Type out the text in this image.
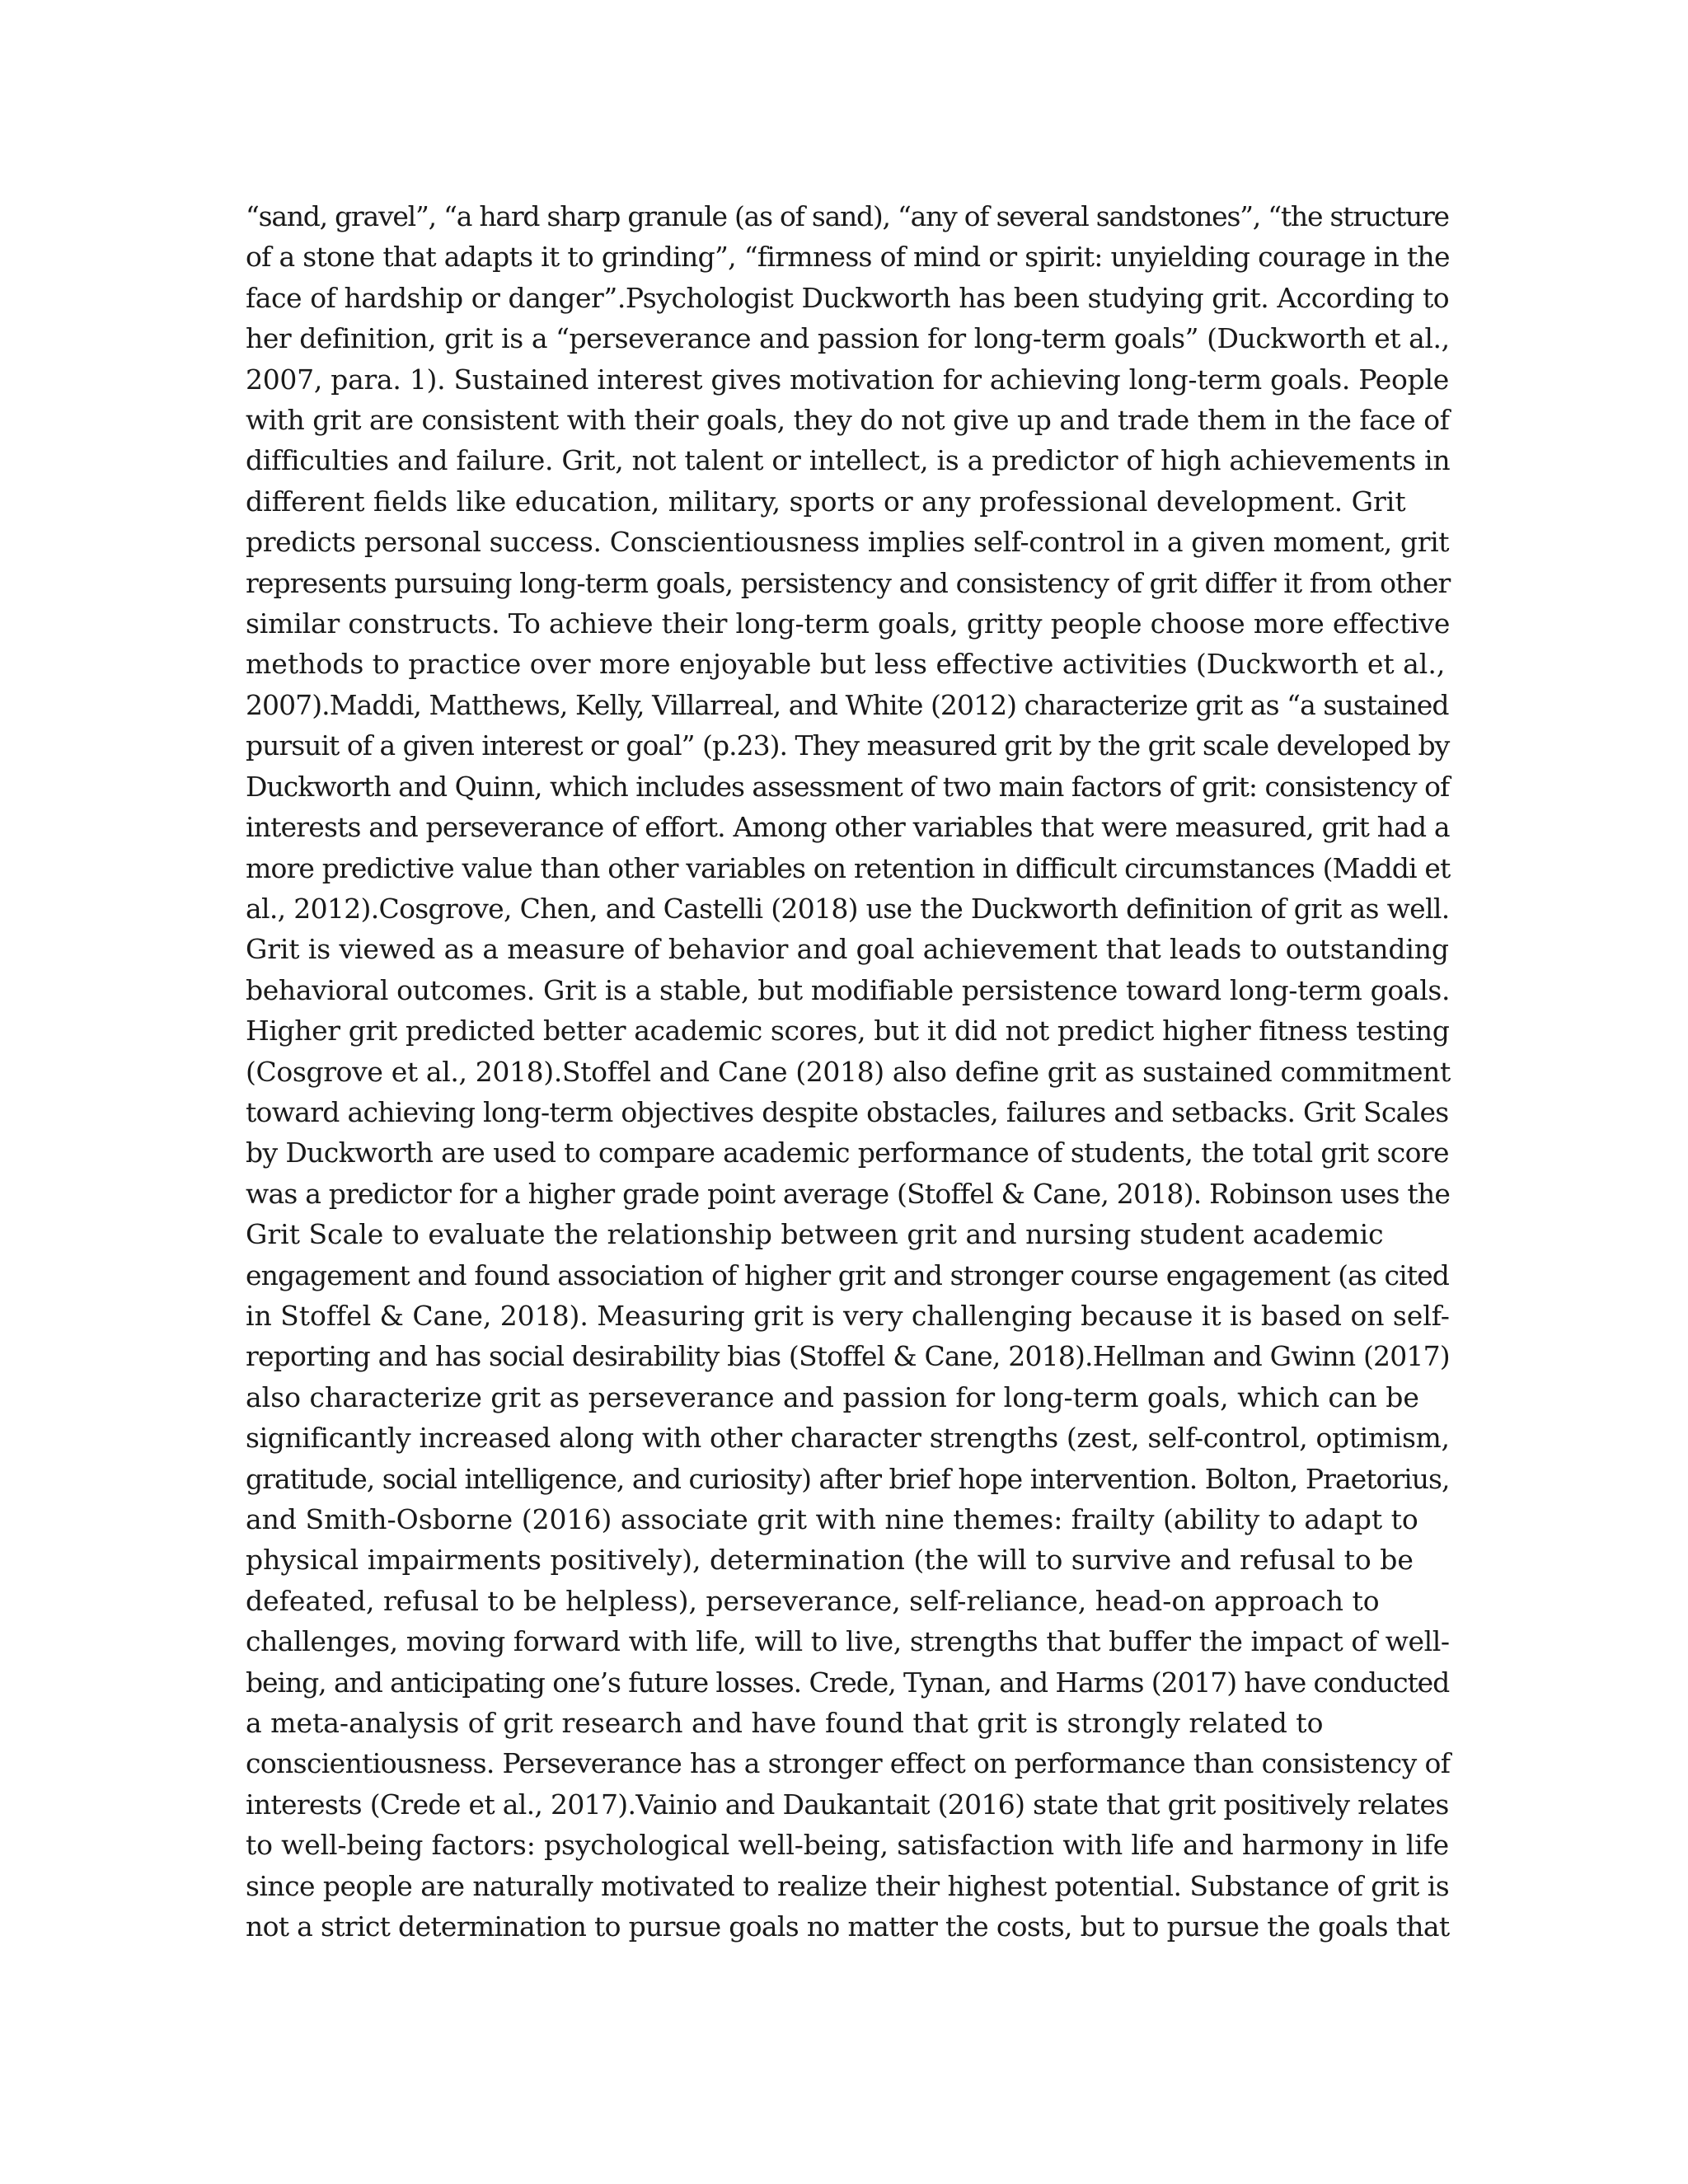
“sand, gravel”, “a hard sharp granule (as of sand), “any of several sandstones”, “the structure
of a stone that adapts it to grinding”, “firmness of mind or spirit: unyielding courage in the
face of hardship or danger”.Psychologist Duckworth has been studying grit. According to
her definition, grit is a “perseverance and passion for long-term goals” (Duckworth et al.,
2007, para. 1). Sustained interest gives motivation for achieving long-term goals. People
with grit are consistent with their goals, they do not give up and trade them in the face of
difficulties and failure. Grit, not talent or intellect, is a predictor of high achievements in
different fields like education, military, sports or any professional development. Grit
predicts personal success. Conscientiousness implies self-control in a given moment, grit
represents pursuing long-term goals, persistency and consistency of grit differ it from other
similar constructs. To achieve their long-term goals, gritty people choose more effective
methods to practice over more enjoyable but less effective activities (Duckworth et al.,
2007).Maddi, Matthews, Kelly, Villarreal, and White (2012) characterize grit as “a sustained
pursuit of a given interest or goal” (p.23). They measured grit by the grit scale developed by
Duckworth and Quinn, which includes assessment of two main factors of grit: consistency of
interests and perseverance of effort. Among other variables that were measured, grit had a
more predictive value than other variables on retention in difficult circumstances (Maddi et
al., 2012).Cosgrove, Chen, and Castelli (2018) use the Duckworth definition of grit as well.
Grit is viewed as a measure of behavior and goal achievement that leads to outstanding
behavioral outcomes. Grit is a stable, but modifiable persistence toward long-term goals.
Higher grit predicted better academic scores, but it did not predict higher fitness testing
(Cosgrove et al., 2018).Stoffel and Cane (2018) also define grit as sustained commitment
toward achieving long-term objectives despite obstacles, failures and setbacks. Grit Scales
by Duckworth are used to compare academic performance of students, the total grit score
was a predictor for a higher grade point average (Stoffel & Cane, 2018). Robinson uses the
Grit Scale to evaluate the relationship between grit and nursing student academic
engagement and found association of higher grit and stronger course engagement (as cited
in Stoffel & Cane, 2018). Measuring grit is very challenging because it is based on self-
reporting and has social desirability bias (Stoffel & Cane, 2018).Hellman and Gwinn (2017)
also characterize grit as perseverance and passion for long-term goals, which can be
significantly increased along with other character strengths (zest, self-control, optimism,
gratitude, social intelligence, and curiosity) after brief hope intervention. Bolton, Praetorius,
and Smith-Osborne (2016) associate grit with nine themes: frailty (ability to adapt to
physical impairments positively), determination (the will to survive and refusal to be
defeated, refusal to be helpless), perseverance, self-reliance, head-on approach to
challenges, moving forward with life, will to live, strengths that buffer the impact of well-
being, and anticipating one’s future losses. Crede, Tynan, and Harms (2017) have conducted
a meta-analysis of grit research and have found that grit is strongly related to
conscientiousness. Perseverance has a stronger effect on performance than consistency of
interests (Crede et al., 2017).Vainio and Daukantait (2016) state that grit positively relates
to well-being factors: psychological well-being, satisfaction with life and harmony in life
since people are naturally motivated to realize their highest potential. Substance of grit is
not a strict determination to pursue goals no matter the costs, but to pursue the goals that
